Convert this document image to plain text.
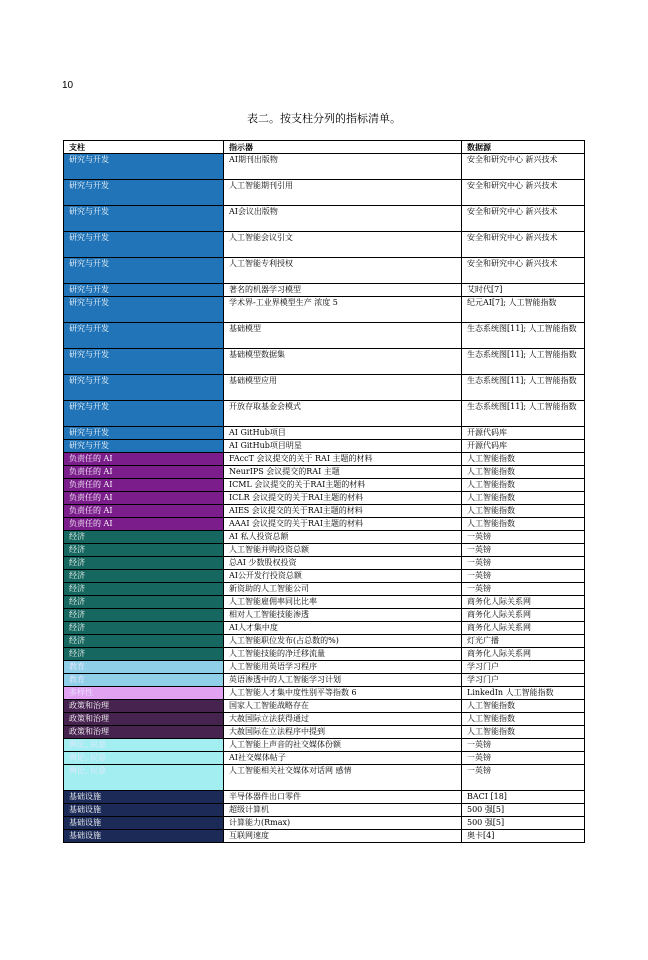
10
表二。按支柱分列的指标清单。
支柱	指示器	数据源
研究与开发	AI期刊出版物	安全和研究中心 新兴技术
研究与开发	人工智能期刊引用	安全和研究中心 新兴技术
研究与开发	AI会议出版物	安全和研究中心 新兴技术
研究与开发	人工智能会议引文	安全和研究中心 新兴技术
研究与开发	人工智能专利授权	安全和研究中心 新兴技术
研究与开发	著名的机器学习模型	艾时代[7]
研究与开发	学术界-工业界模型生产 浓度 5	纪元AI[7]; 人工智能指数
研究与开发	基础模型	生态系统图[11]; 人工智能指数
研究与开发	基础模型数据集	生态系统图[11]; 人工智能指数
研究与开发	基础模型应用	生态系统图[11]; 人工智能指数
研究与开发	开放存取基金会模式	生态系统图[11]; 人工智能指数
研究与开发	AI GitHub项目	开源代码库
研究与开发	AI GitHub项目明星	开源代码库
负责任的 AI	FAccT 会议提交的关于 RAI 主题的材料	人工智能指数
负责任的 AI	NeurIPS 会议提交的RAI 主题	人工智能指数
负责任的 AI	ICML 会议提交的关于RAI主题的材料	人工智能指数
负责任的 AI	ICLR 会议提交的关于RAI主题的材料	人工智能指数
负责任的 AI	AIES 会议提交的关于RAI主题的材料	人工智能指数
负责任的 AI	AAAI 会议提交的关于RAI主题的材料	人工智能指数
经济	AI 私人投资总额	一英镑
经济	人工智能并购投资总额	一英镑
经济	总AI 少数股权投资	一英镑
经济	AI公开发行投资总额	一英镑
经济	新资助的人工智能公司	一英镑
经济	人工智能雇佣率同比比率	商务化人际关系网
经济	相对人工智能技能渗透	商务化人际关系网
经济	AI人才集中度	商务化人际关系网
经济	人工智能职位发布(占总数的%)	灯光广播
经济	人工智能技能的净迁移流量	商务化人际关系网
教育	人工智能用英语学习程序	学习门户
教育	英语渗透中的人工智能学习计划	学习门户
多样性	人工智能人才集中度性别平等指数 6	LinkedIn 人工智能指数
政策和治理	国家人工智能战略存在	人工智能指数
政策和治理	大赦国际立法获得通过	人工智能指数
政策和治理	大赦国际在立法程序中提到	人工智能指数
舆论, 民意	人工智能上声音的社交媒体份额	一英镑
舆论, 民意	AI社交媒体帖子	一英镑
舆论, 民意	人工智能相关社交媒体对话网 感情	一英镑
基础设施	半导体器件出口零件	BACI [18]
基础设施	超级计算机	500 强[5]
基础设施	计算能力(Rmax)	500 强[5]
基础设施	互联网速度	奥卡[4]
